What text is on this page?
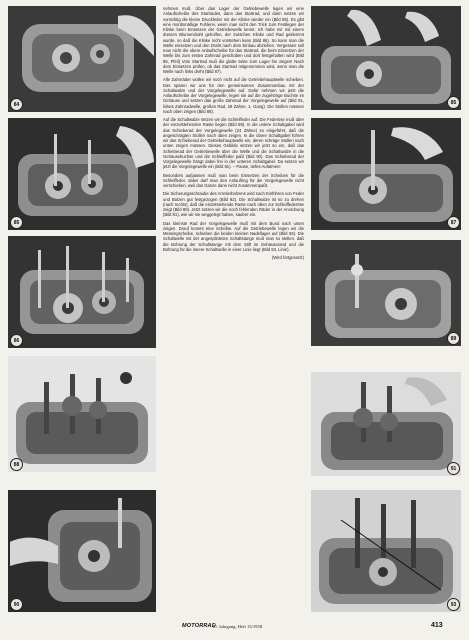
84
85
86
88
90

nehmen muß. Über das Lager der Getriebewelle legen wir eine Anlaufscheibe des Startrades, dann das Startrad, und dann setzen wir vorsichtig die kleine Druckfeder mit der Klinke wieder ein (Bild 85). Es gibt eine mordsmäßige Fuhlerei, wenn man nicht den Trick zum Festlegen der Klinke beim Einsetzen der Getriebewelle kennt. Ich habe mir mit einem dünnen Blumendraht geholfen, der zwischen Klinke und Rad geklemmt wurde, so daß die Klinke nicht vorstehen kann (Bild 86). So kann man die Welle einsetzen und den Draht nach dem Einbau abziehen. Vergessen soll man nicht die obere Anlaufscheibe für das Startrad, die beim Einsetzen der Welle bis zum ersten Zahnrad geschoben und dort festgehalten wird (Bild 85, Pfeil) Vom Startrad muß die glatte Seite zum Lager hin zeigen! Nach dem Einsetzen prüfen, ob das Startrad mitgenommen wird, wenn man die Welle nach links dreht (Bild 87).

Alle Zahnräder wollen wir noch nicht auf die Getriebehauptwelle schieben. Das sparen wir uns für den gemeinsamen Zusammenbau mit der Schaltwalze und der Vorgelegewelle auf. Dafür nehmen wir jetzt die Anlaufscheibe der Vorgelegewelle, legen sie auf die zugehörige Buchse im Gehäuse und setzen das große Zahnrad der Vorgelegewelle auf (Bild 81, linkes Zahnradwelle, großes Rad, 28 Zähne, 1. Gang). Die Stollen müssen nach oben zeigen (Bild 88).

Auf die Schaltwalze setzen wir die Schleiffeder auf. Die Federöse muß über der einzelstehenden Raste liegen (Bild 89). In die untere Schaltgabel wird das Schieberad der Vorgelegewelle (24 Zähne) so eingeführt, daß die angeschrägten Stollen nach oben zeigen. In die obere Schaltgabel führen wir das Schieberad der Getriebehauptwelle ein, deren schräge Stollen nach unten zeigen müssen. Dieses Gebilde setzen wir jetzt so ein, daß das Schieberad der Getriebewelle über die Welle und die Schaltwalze in die Gehäusebuchse und die Schleiffeder paßt (Bild 90). Das Schieberad der Vorgelegewelle hängt dabei frei in der unteren Schaltgabel. Da setzen wir jetzt die Vorgelegewelle ein (Bild 91). – Pause, tiefes Aufatmen!

Besonders aufpassen muß man beim Einsetzen der Scheiben für die Schleiffeder, dabei darf man den Anlaufring für die Vorgelegewelle nicht verschieben, weil das Ganze dann nicht zusammenpaßt.

Die Sicherungsschraube des Arretierbolzens wird nach Einführen von Feder und Bolzen gut festgezogen (Bild 92). Die Schaltwalze ist so zu drehen (nach rechts), daß die einzelstehende Raste nach oben zur Schleiffederöse zeigt (Bild 89). Jetzt setzen wir die noch fehlenden Räder in der Anordnung (Bild 81), wie wir sie weggelegt haben, sauber ein.

Das kleinste Rad der Vorgelegewelle muß mit dem Bund nach unten zeigen. Drauf kommt eine Scheibe. Auf die Getriebewelle legen wir die Messingscheibe, schieben die beiden kleinen Nadellager auf (Bild 93). Die Schaltwelle mit der angesplinteten Schaltstange muß man so stellen, daß die Bohrung der Schaltstange mit dem Stift im Gehäuserand und die Bohrung für die innere Schaltwelle in einer Linie liegt (Bild 93, Linie).

(Wird fortgesetzt)

85
87
89
91
93
MOTORRAD
10. Jahrgang, Heft 13/1958	413
